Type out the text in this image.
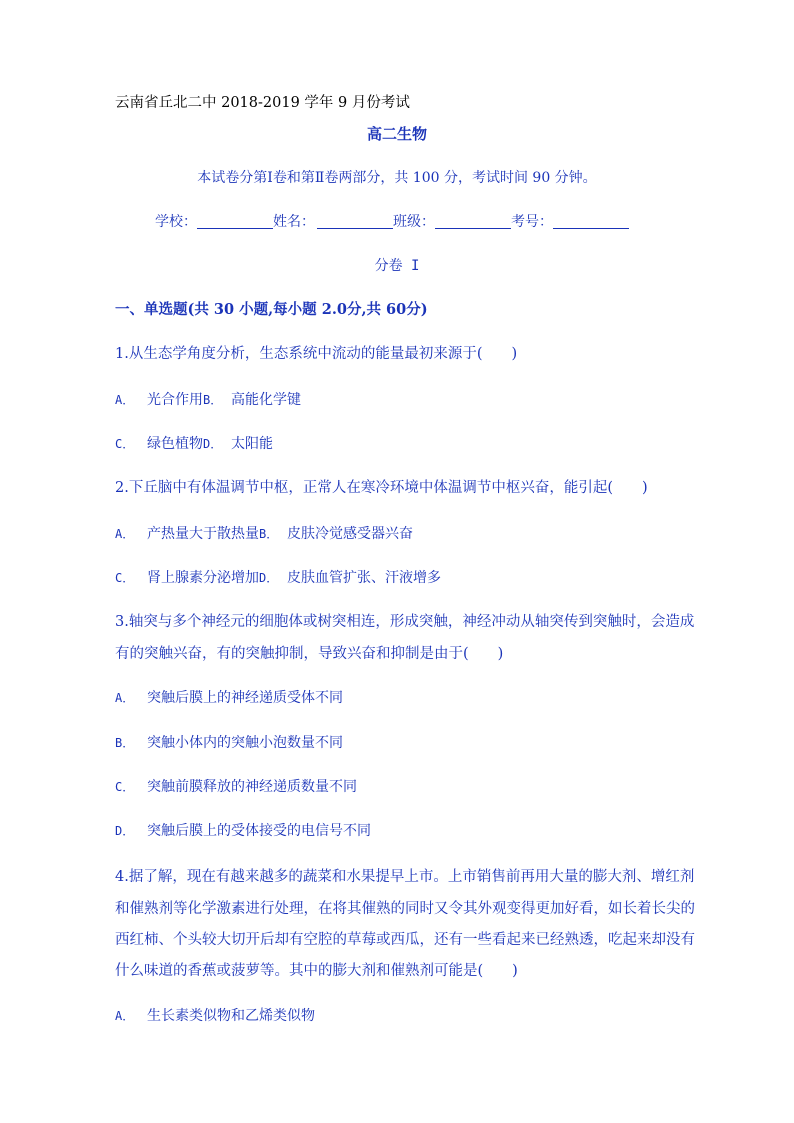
云南省丘北二中 2018-2019 学年 9 月份考试
高二生物
本试卷分第Ⅰ卷和第Ⅱ卷两部分，共 100 分，考试时间 90 分钟。
学校：	姓名：	班级：	考号：
分卷 I
一、单选题(共 30 小题,每小题 2.0分,共 60分)
1.从生态学角度分析，生态系统中流动的能量最初来源于(　　)
A． 光合作用B． 高能化学键
C． 绿色植物D． 太阳能
2.下丘脑中有体温调节中枢，正常人在寒冷环境中体温调节中枢兴奋，能引起(　　)
A． 产热量大于散热量B． 皮肤冷觉感受器兴奋
C． 肾上腺素分泌增加D． 皮肤血管扩张、汗液增多
3.轴突与多个神经元的细胞体或树突相连，形成突触，神经冲动从轴突传到突触时，会造成
有的突触兴奋，有的突触抑制，导致兴奋和抑制是由于(　　)
A． 突触后膜上的神经递质受体不同
B． 突触小体内的突触小泡数量不同
C． 突触前膜释放的神经递质数量不同
D． 突触后膜上的受体接受的电信号不同
4.据了解，现在有越来越多的蔬菜和水果提早上市。上市销售前再用大量的膨大剂、增红剂
和催熟剂等化学激素进行处理，在将其催熟的同时又令其外观变得更加好看，如长着长尖的
西红柿、个头较大切开后却有空腔的草莓或西瓜，还有一些看起来已经熟透，吃起来却没有
什么味道的香蕉或菠萝等。其中的膨大剂和催熟剂可能是(　　)
A． 生长素类似物和乙烯类似物
